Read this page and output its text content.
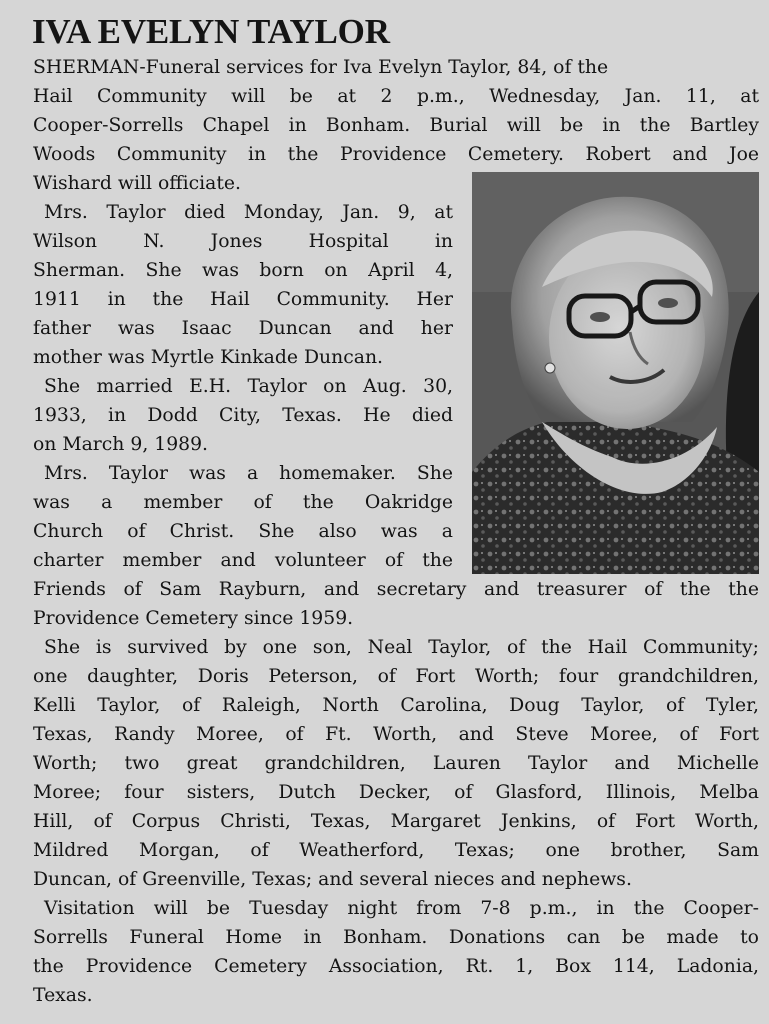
IVA EVELYN TAYLOR
SHERMAN-Funeral services for Iva Evelyn Taylor, 84, of the
Hail Community will be at 2 p.m., Wednesday, Jan. 11, at
Cooper-Sorrells Chapel in Bonham. Burial will be in the Bartley
Woods Community in the Providence Cemetery. Robert and Joe
Wishard will officiate.
Mrs. Taylor died Monday, Jan. 9, at
Wilson N. Jones Hospital in
Sherman. She was born on April 4,
1911 in the Hail Community. Her
father was Isaac Duncan and her
mother was Myrtle Kinkade Duncan.
She married E.H. Taylor on Aug. 30,
1933, in Dodd City, Texas. He died
on March 9, 1989.
Mrs. Taylor was a homemaker. She
was a member of the Oakridge
Church of Christ. She also was a
charter member and volunteer of the
Friends of Sam Rayburn, and secretary and treasurer of the the
Providence Cemetery since 1959.
She is survived by one son, Neal Taylor, of the Hail Community;
one daughter, Doris Peterson, of Fort Worth; four grandchildren,
Kelli Taylor, of Raleigh, North Carolina, Doug Taylor, of Tyler,
Texas, Randy Moree, of Ft. Worth, and Steve Moree, of Fort
Worth; two great grandchildren, Lauren Taylor and Michelle
Moree; four sisters, Dutch Decker, of Glasford, Illinois, Melba
Hill, of Corpus Christi, Texas, Margaret Jenkins, of Fort Worth,
Mildred Morgan, of Weatherford, Texas; one brother, Sam
Duncan, of Greenville, Texas; and several nieces and nephews.
Visitation will be Tuesday night from 7-8 p.m., in the Cooper-
Sorrells Funeral Home in Bonham. Donations can be made to
the Providence Cemetery Association, Rt. 1, Box 114, Ladonia,
Texas.
